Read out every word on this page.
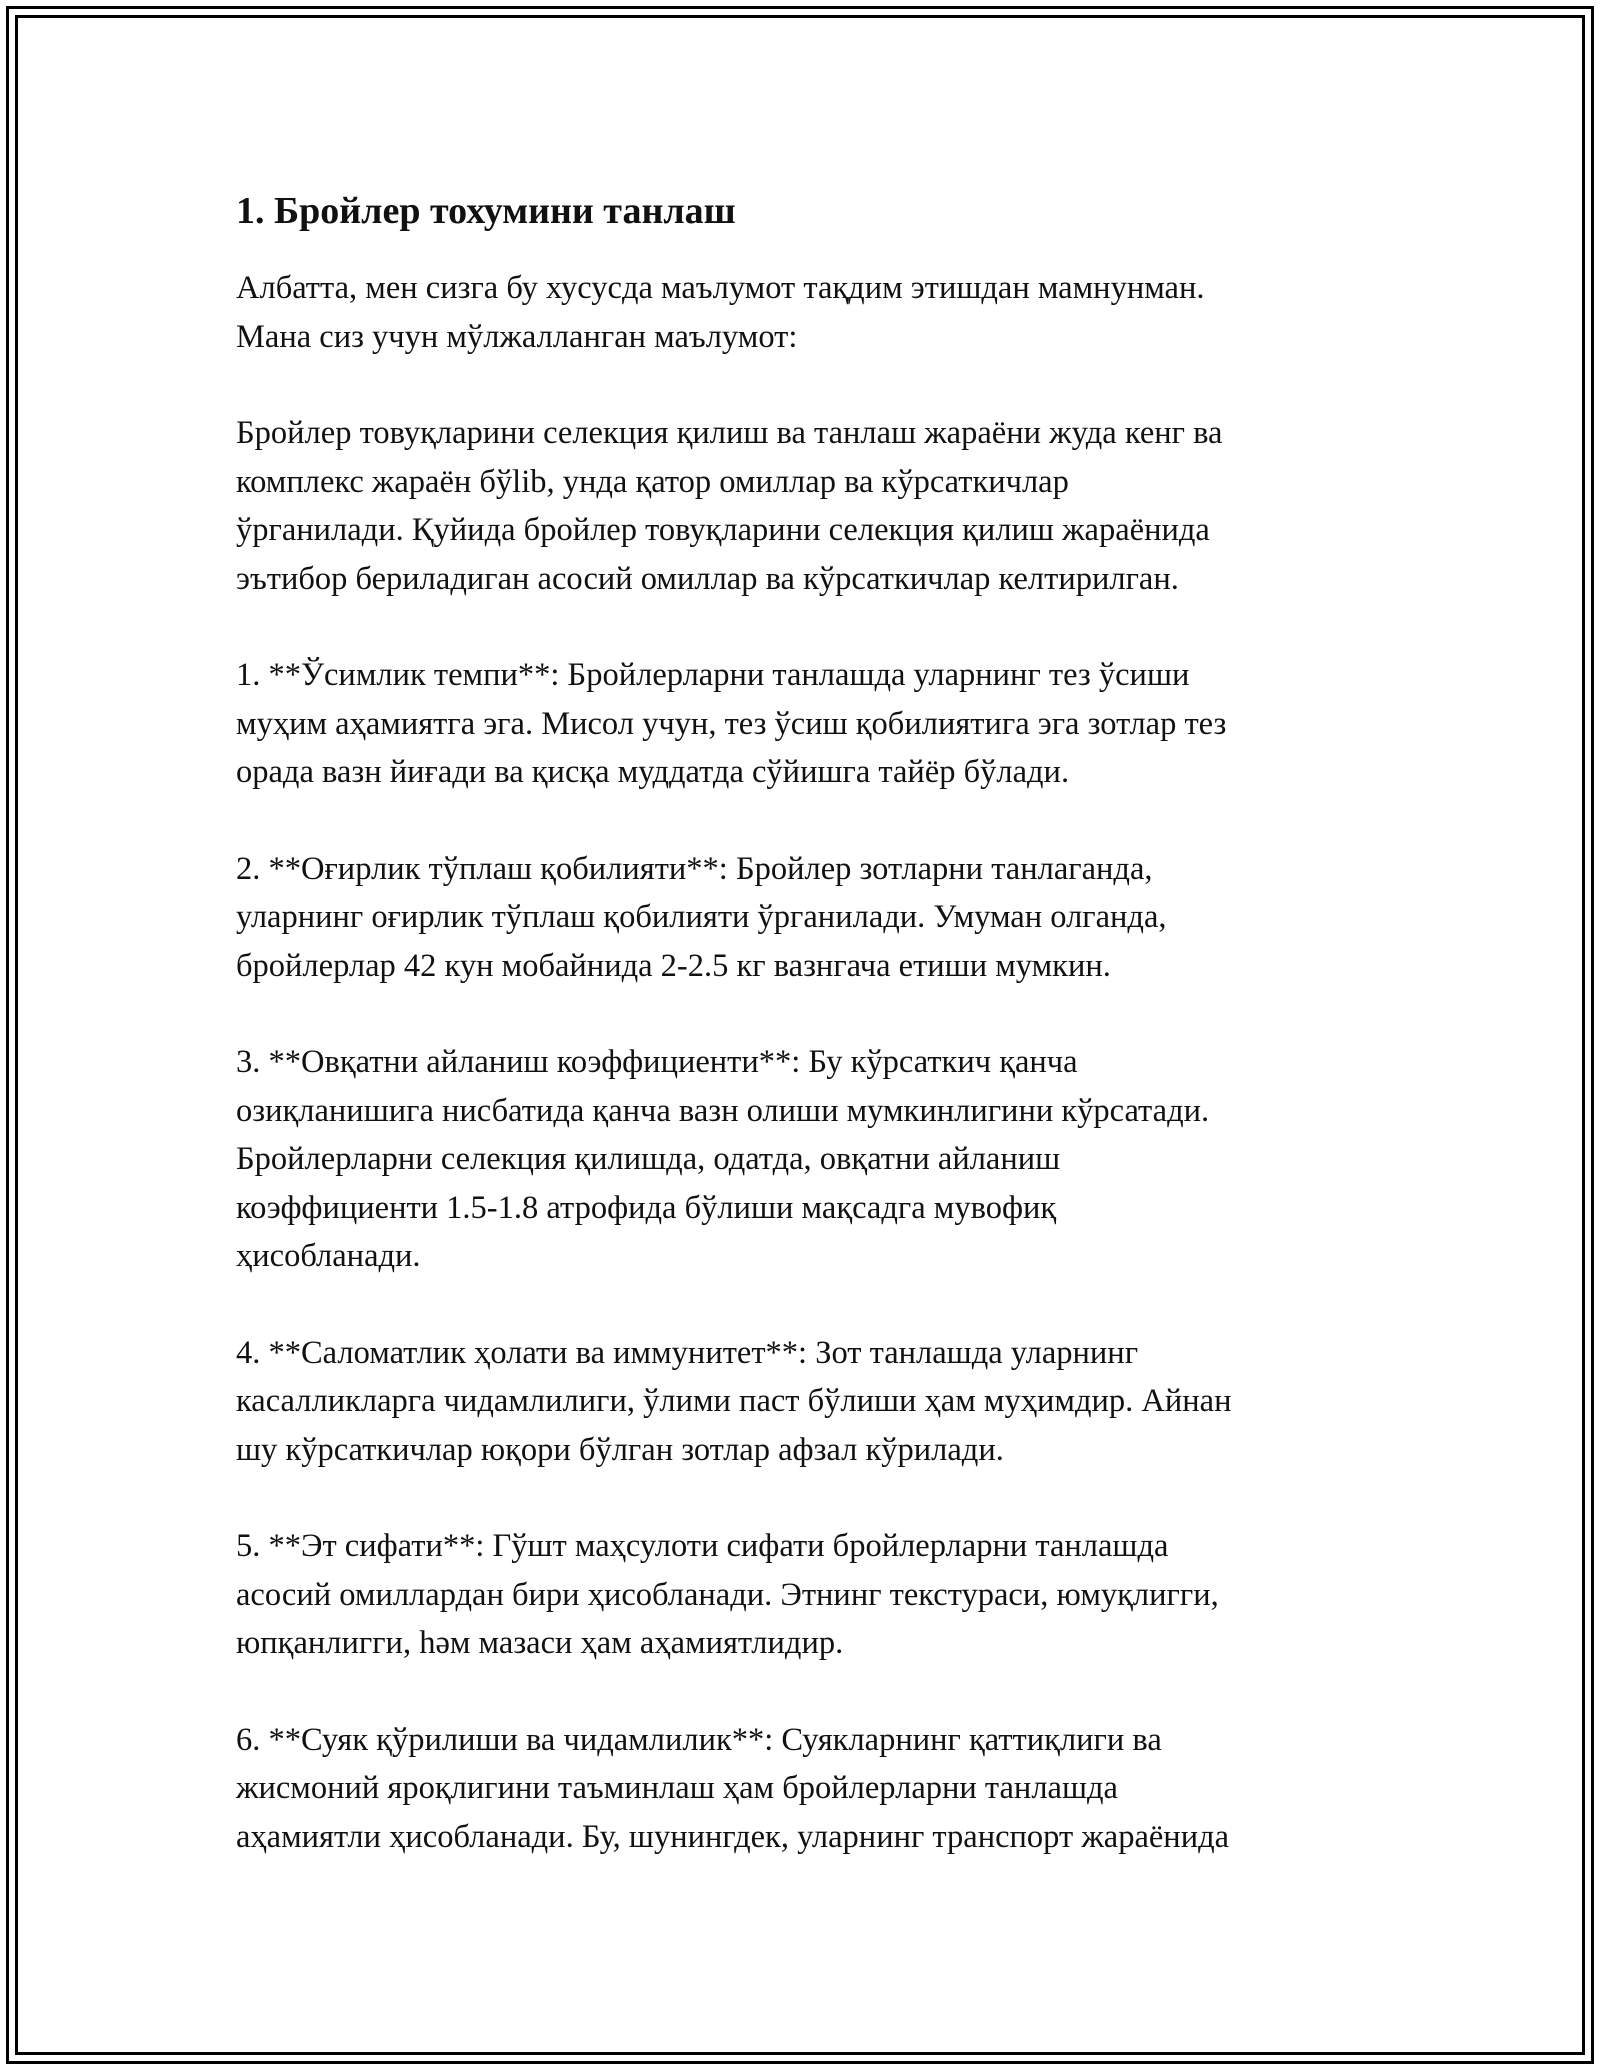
1. Бройлер тохумини танлаш

Албатта, мен сизга бу хусусда маълумот тақдим этишдан мамнунман.
Мана сиз учун мўлжалланган маълумот:

Бройлер товуқларини селекция қилиш ва танлаш жараёни жуда кенг ва
комплекс жараён бўlib, унда қатор омиллар ва кўрсаткичлар
ўрганилади. Қуйида бройлер товуқларини селекция қилиш жараёнида
эътибор бериладиган асосий омиллар ва кўрсаткичлар келтирилган.

1. **Ўсимлик темпи**: Бройлерларни танлашда уларнинг тез ўсиши
муҳим аҳамиятга эга. Мисол учун, тез ўсиш қобилиятига эга зотлар тез
орада вазн йиғади ва қисқа муддатда сўйишга тайёр бўлади.

2. **Оғирлик тўплаш қобилияти**: Бройлер зотларни танлаганда,
уларнинг оғирлик тўплаш қобилияти ўрганилади. Умуман олганда,
бройлерлар 42 кун мобайнида 2-2.5 кг вазнгача етиши мумкин.

3. **Овқатни айланиш коэффициенти**: Бу кўрсаткич қанча
озиқланишига нисбатида қанча вазн олиши мумкинлигини кўрсатади.
Бройлерларни селекция қилишда, одатда, овқатни айланиш
коэффициенти 1.5-1.8 атрофида бўлиши мақсадга мувофиқ
ҳисобланади.

4. **Саломатлик ҳолати ва иммунитет**: Зот танлашда уларнинг
касалликларга чидамлилиги, ўлими паст бўлиши ҳам муҳимдир. Айнан
шу кўрсаткичлар юқори бўлган зотлар афзал кўрилади.

5. **Эт сифати**: Гўшт маҳсулоти сифати бройлерларни танлашда
асосий омиллардан бири ҳисобланади. Этнинг текстураси, юмуқлигги,
юпқанлигги, һәм мазаси ҳам аҳамиятлидир.

6. **Суяк қўрилиши ва чидамлилик**: Суякларнинг қаттиқлиги ва
жисмоний яроқлигини таъминлаш ҳам бройлерларни танлашда
аҳамиятли ҳисобланади. Бу, шунингдек, уларнинг транспорт жараёнида
